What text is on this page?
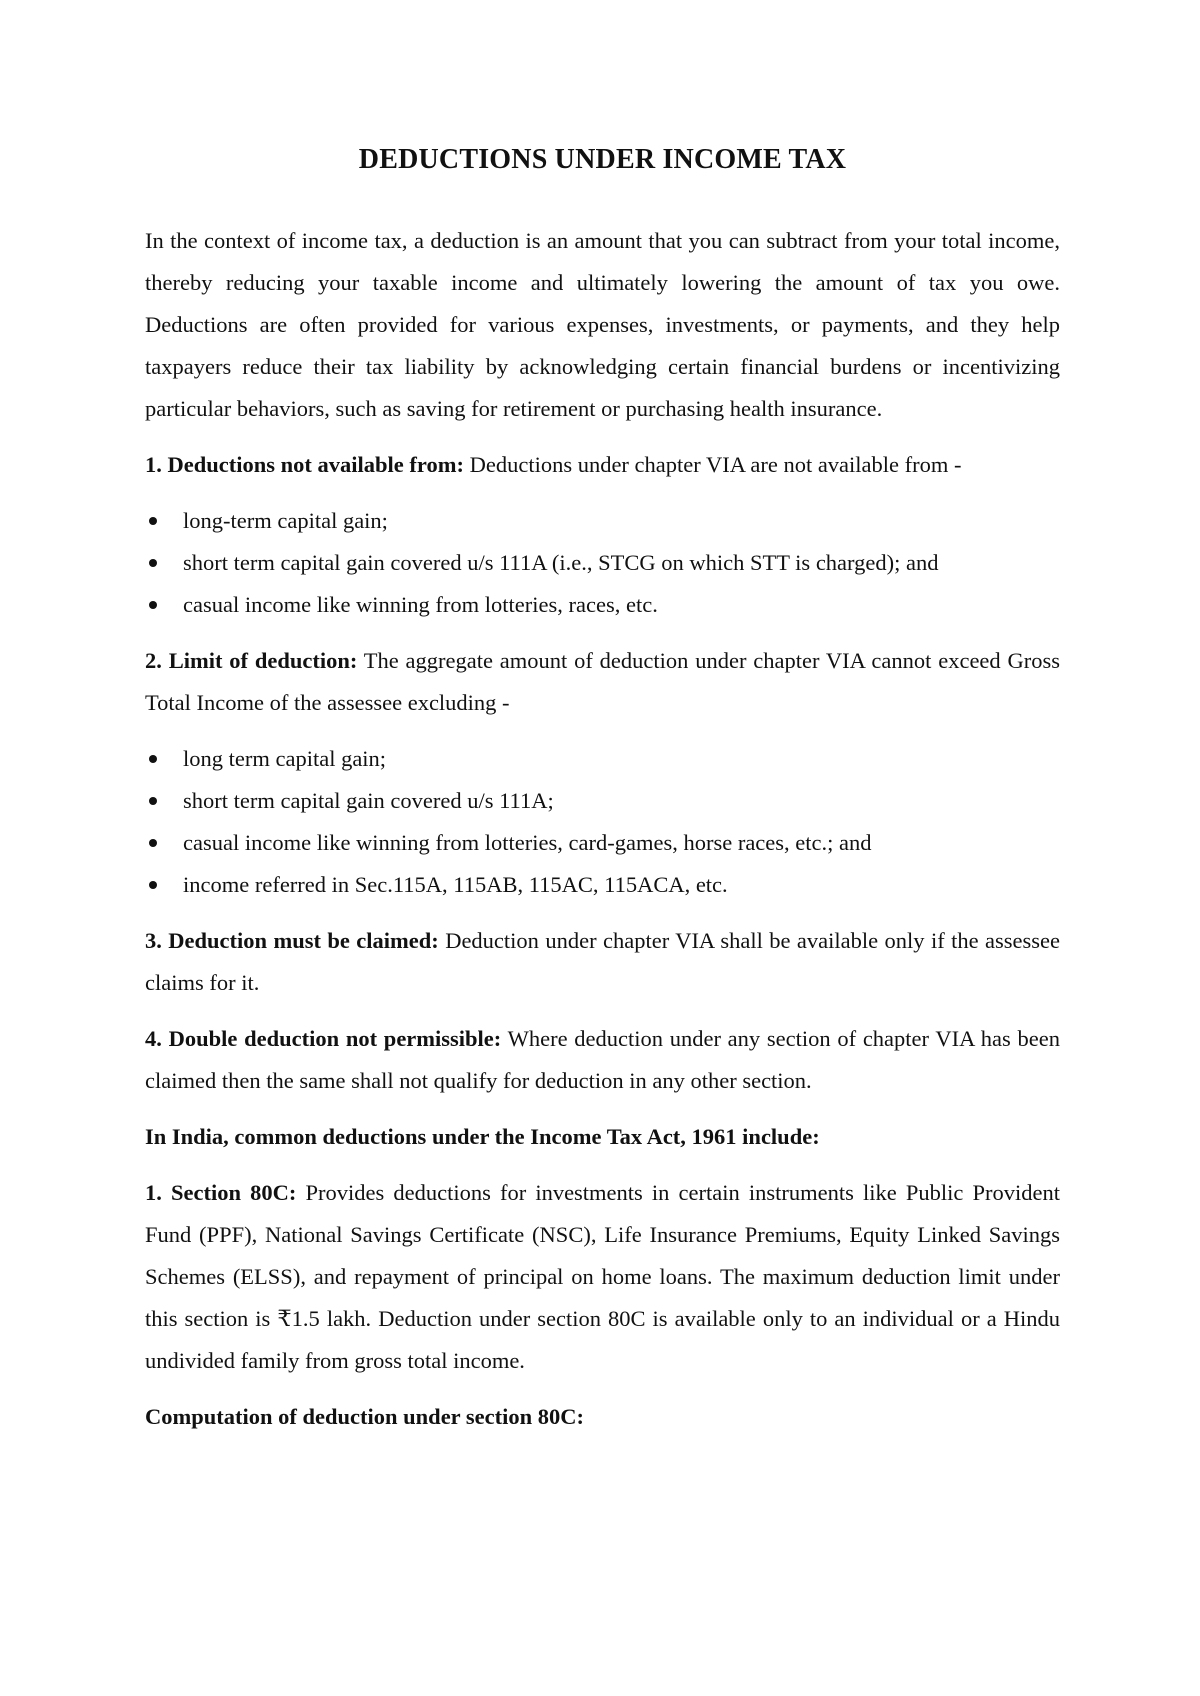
DEDUCTIONS UNDER INCOME TAX

In the context of income tax, a deduction is an amount that you can subtract from your total income, thereby reducing your taxable income and ultimately lowering the amount of tax you owe. Deductions are often provided for various expenses, investments, or payments, and they help taxpayers reduce their tax liability by acknowledging certain financial burdens or incentivizing particular behaviors, such as saving for retirement or purchasing health insurance.

1. Deductions not available from: Deductions under chapter VIA are not available from -

long-term capital gain;
short term capital gain covered u/s 111A (i.e., STCG on which STT is charged); and
casual income like winning from lotteries, races, etc.

2. Limit of deduction: The aggregate amount of deduction under chapter VIA cannot exceed Gross Total Income of the assessee excluding -

long term capital gain;
short term capital gain covered u/s 111A;
casual income like winning from lotteries, card-games, horse races, etc.; and
income referred in Sec.115A, 115AB, 115AC, 115ACA, etc.

3. Deduction must be claimed: Deduction under chapter VIA shall be available only if the assessee claims for it.

4. Double deduction not permissible: Where deduction under any section of chapter VIA has been claimed then the same shall not qualify for deduction in any other section.

In India, common deductions under the Income Tax Act, 1961 include:

1. Section 80C: Provides deductions for investments in certain instruments like Public Provident Fund (PPF), National Savings Certificate (NSC), Life Insurance Premiums, Equity Linked Savings Schemes (ELSS), and repayment of principal on home loans. The maximum deduction limit under this section is ₹1.5 lakh. Deduction under section 80C is available only to an individual or a Hindu undivided family from gross total income.

Computation of deduction under section 80C:
